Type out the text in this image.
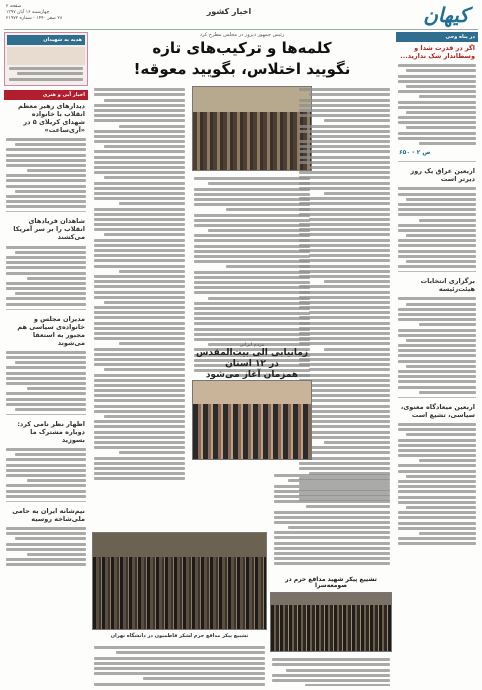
کیهان
اخبار کشور
صفحه ۲
چهارشنبه ۱۶ آبان ۱۳۹۷
۲۸ صفر ۱۴۴۰ - شماره ۲۱۹۷۲
در پناه وحی
اگر در قدرت شدا و وسطاندار شک ندارید...
ص ۲ - ۶۵۰
اربعین عراق یک روز دیرتر است
برگزاری انتخابات هیئت‌رئیسه
اربعین میعادگاه معنوی، سیاسی، تشیع است
رئیس جمهور دیروز در مجلس مطرح کرد
کلمه‌ها و ترکیب‌های تازه
نگویید اختلاس، بگویید معوقه!
مردم ایرانی
زمانیابی الی بیت‌المقدس در ۱۲ استان
همزمان آغاز می‌شود
تشییع پیکر مدافع حرم لشکر فاطمیون در دانشگاه تهران
تشییع پیکر شهید مدافع حرم در صومعه‌سرا
هدیه به شهیدان
اخبار آبی و هنری
دیدارهای رهبر معظم انقلاب با خانواده شهدای کربلای ۵ در «آری‌ساعت»
شاهدان فریادهای انقلاب را بر سر آمریکا می‌کشند
مدیران مجلس و خانواده‌ی سیاسی هم مجبور به استعفا می‌شوند
اظهار نظر نامی کرد: دوباره مشترک ما بسوزید
نیم‌شانه ایران به حامی ملی‌شاخه روسیه
